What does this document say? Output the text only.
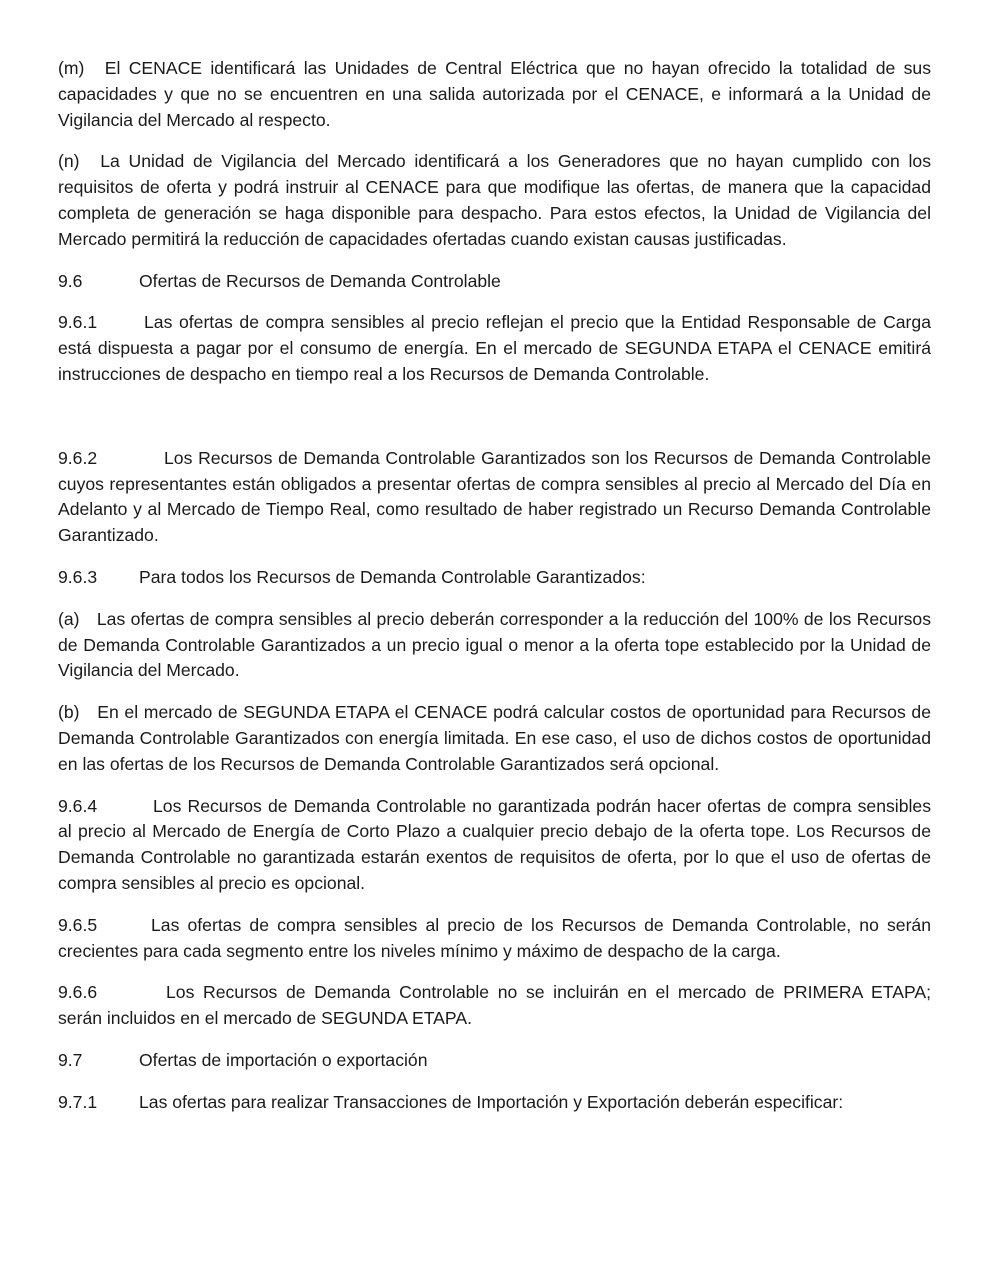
(m) El CENACE identificará las Unidades de Central Eléctrica que no hayan ofrecido la totalidad de sus capacidades y que no se encuentren en una salida autorizada por el CENACE, e informará a la Unidad de Vigilancia del Mercado al respecto.

(n) La Unidad de Vigilancia del Mercado identificará a los Generadores que no hayan cumplido con los requisitos de oferta y podrá instruir al CENACE para que modifique las ofertas, de manera que la capacidad completa de generación se haga disponible para despacho. Para estos efectos, la Unidad de Vigilancia del Mercado permitirá la reducción de capacidades ofertadas cuando existan causas justificadas.

9.6	Ofertas de Recursos de Demanda Controlable

9.6.1	Las ofertas de compra sensibles al precio reflejan el precio que la Entidad Responsable de Carga está dispuesta a pagar por el consumo de energía. En el mercado de SEGUNDA ETAPA el CENACE emitirá instrucciones de despacho en tiempo real a los Recursos de Demanda Controlable.

9.6.2	Los Recursos de Demanda Controlable Garantizados son los Recursos de Demanda Controlable cuyos representantes están obligados a presentar ofertas de compra sensibles al precio al Mercado del Día en Adelanto y al Mercado de Tiempo Real, como resultado de haber registrado un Recurso Demanda Controlable Garantizado.

9.6.3 Para todos los Recursos de Demanda Controlable Garantizados:

(a) Las ofertas de compra sensibles al precio deberán corresponder a la reducción del 100% de los Recursos de Demanda Controlable Garantizados a un precio igual o menor a la oferta tope establecido por la Unidad de Vigilancia del Mercado.

(b) En el mercado de SEGUNDA ETAPA el CENACE podrá calcular costos de oportunidad para Recursos de Demanda Controlable Garantizados con energía limitada. En ese caso, el uso de dichos costos de oportunidad en las ofertas de los Recursos de Demanda Controlable Garantizados será opcional.

9.6.4	Los Recursos de Demanda Controlable no garantizada podrán hacer ofertas de compra sensibles al precio al Mercado de Energía de Corto Plazo a cualquier precio debajo de la oferta tope. Los Recursos de Demanda Controlable no garantizada estarán exentos de requisitos de oferta, por lo que el uso de ofertas de compra sensibles al precio es opcional.

9.6.5	Las ofertas de compra sensibles al precio de los Recursos de Demanda Controlable, no serán crecientes para cada segmento entre los niveles mínimo y máximo de despacho de la carga.

9.6.6	Los Recursos de Demanda Controlable no se incluirán en el mercado de PRIMERA ETAPA; serán incluidos en el mercado de SEGUNDA ETAPA.

9.7	Ofertas de importación o exportación

9.7.1 Las ofertas para realizar Transacciones de Importación y Exportación deberán especificar:
